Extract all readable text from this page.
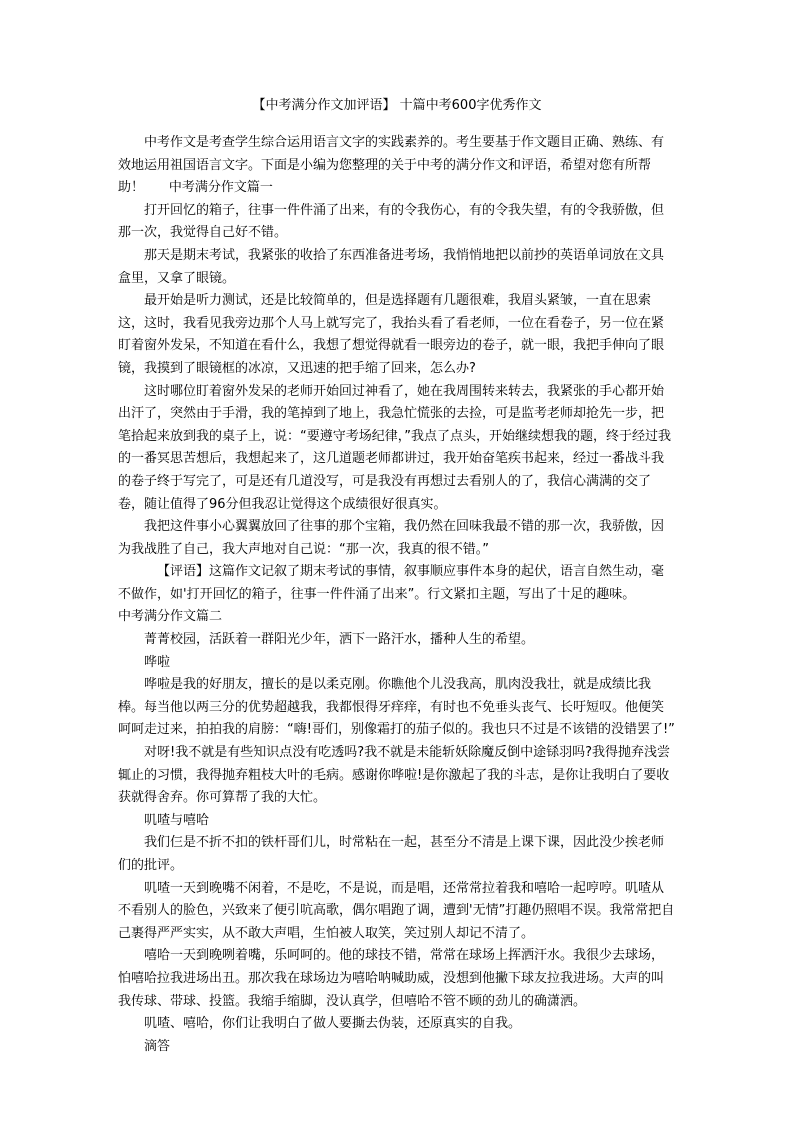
【中考满分作文加评语】 十篇中考600字优秀作文

中考作文是考查学生综合运用语言文字的实践素养的。考生要基于作文题目正确、熟练、有效地运用祖国语言文字。下面是小编为您整理的关于中考的满分作文和评语，希望对您有所帮助！ 中考满分作文篇一

打开回忆的箱子，往事一件件涌了出来，有的令我伤心，有的令我失望，有的令我骄傲，但那一次，我觉得自己好不错。

那天是期末考试，我紧张的收拾了东西准备进考场，我悄悄地把以前抄的英语单词放在文具盒里，又拿了眼镜。

最开始是听力测试，还是比较简单的，但是选择题有几题很难，我眉头紧皱，一直在思索这，这时，我看见我旁边那个人马上就写完了，我抬头看了看老师，一位在看卷子，另一位在紧盯着窗外发呆，不知道在看什么，我想了想觉得就看一眼旁边的卷子，就一眼，我把手伸向了眼镜，我摸到了眼镜框的冰凉，又迅速的把手缩了回来，怎么办?

这时哪位盯着窗外发呆的老师开始回过神看了，她在我周围转来转去，我紧张的手心都开始出汗了，突然由于手滑，我的笔掉到了地上，我急忙慌张的去捡，可是监考老师却抢先一步，把笔拾起来放到我的桌子上，说：“要遵守考场纪律，”我点了点头，开始继续想我的题，终于经过我的一番冥思苦想后，我想起来了，这几道题老师都讲过，我开始奋笔疾书起来，经过一番战斗我的卷子终于写完了，可是还有几道没写，可是我没有再想过去看别人的了，我信心满满的交了卷，随让值得了96分但我忍让觉得这个成绩很好很真实。

我把这件事小心翼翼放回了往事的那个宝箱，我仍然在回味我最不错的那一次，我骄傲，因为我战胜了自己，我大声地对自己说：“那一次，我真的很不错。”

【评语】这篇作文记叙了期末考试的事情，叙事顺应事件本身的起伏，语言自然生动，毫不做作，如'打开回忆的箱子，往事一件件涌了出来”。行文紧扣主题，写出了十足的趣味。

中考满分作文篇二

菁菁校园，活跃着一群阳光少年，洒下一路汗水，播种人生的希望。

哗啦

哗啦是我的好朋友，擅长的是以柔克刚。你瞧他个儿没我高，肌肉没我壮，就是成绩比我棒。每当他以两三分的优势超越我，我都恨得牙痒痒，有时也不免垂头丧气、长吁短叹。他便笑呵呵走过来，拍拍我的肩膀：“嗨!哥们，别像霜打的茄子似的。我也只不过是不该错的没错罢了!”

对呀!我不就是有些知识点没有吃透吗?我不就是未能斩妖除魔反倒中途铩羽吗?我得抛弃浅尝辄止的习惯，我得抛弃粗枝大叶的毛病。感谢你哗啦!是你激起了我的斗志，是你让我明白了要收获就得舍弃。你可算帮了我的大忙。

叽喳与嘻哈

我们仨是不折不扣的铁杆哥们儿，时常粘在一起，甚至分不清是上课下课，因此没少挨老师们的批评。

叽喳一天到晚嘴不闲着，不是吃，不是说，而是唱，还常常拉着我和嘻哈一起哼哼。叽喳从不看别人的脸色，兴致来了便引吭高歌，偶尔唱跑了调，遭到'无情”打趣仍照唱不误。我常常把自己裹得严严实实，从不敢大声唱，生怕被人取笑，笑过别人却记不清了。

嘻哈一天到晚咧着嘴，乐呵呵的。他的球技不错，常常在球场上挥洒汗水。我很少去球场，怕嘻哈拉我进场出丑。那次我在球场边为嘻哈呐喊助威，没想到他撇下球友拉我进场。大声的叫我传球、带球、投篮。我缩手缩脚，没认真学，但嘻哈不管不顾的劲儿的确潇洒。

叽喳、嘻哈，你们让我明白了做人要撕去伪装，还原真实的自我。

滴答
